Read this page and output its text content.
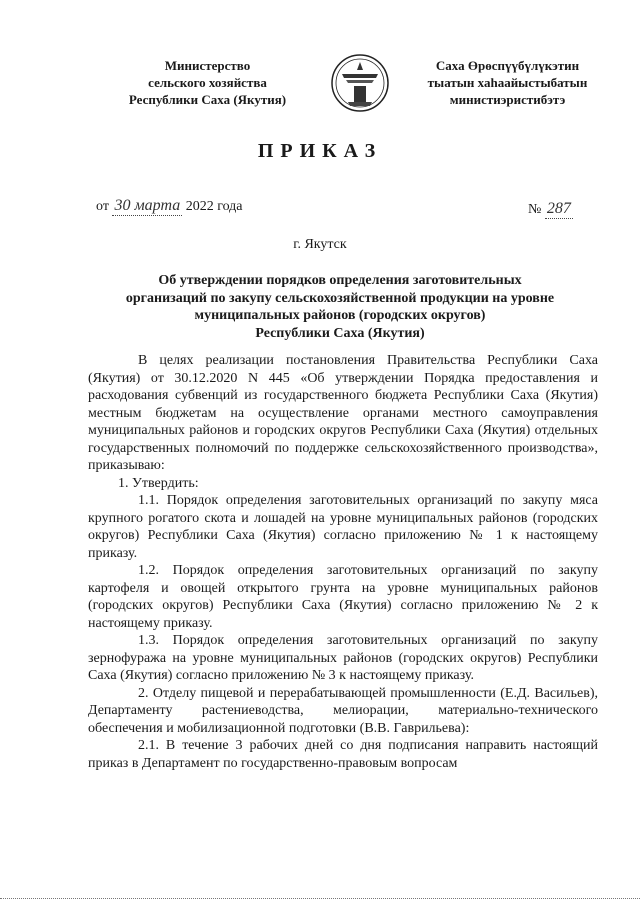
Министерство
сельского хозяйства
Республики Саха (Якутия)
Саха Өрөспүүбүлүкэтин
тыатын хаһаайыстыбатын
министиэристибэтэ
ПРИКАЗ
от 30 марта 2022 года	№ 287
г. Якутск
Об утверждении порядков определения заготовительных
организаций по закупу сельскохозяйственной продукции на уровне
муниципальных районов (городских округов)
Республики Саха (Якутия)

В целях реализации постановления Правительства Республики Саха (Якутия) от 30.12.2020 N 445 «Об утверждении Порядка предоставления и расходования субвенций из государственного бюджета Республики Саха (Якутия) местным бюджетам на осуществление органами местного самоуправления муниципальных районов и городских округов Республики Саха (Якутия) отдельных государственных полномочий по поддержке сельскохозяйственного производства», приказываю:

1. Утвердить:

1.1. Порядок определения заготовительных организаций по закупу мяса крупного рогатого скота и лошадей на уровне муниципальных районов (городских округов) Республики Саха (Якутия) согласно приложению № 1 к настоящему приказу.

1.2. Порядок определения заготовительных организаций по закупу картофеля и овощей открытого грунта на уровне муниципальных районов (городских округов) Республики Саха (Якутия) согласно приложению № 2 к настоящему приказу.

1.3. Порядок определения заготовительных организаций по закупу зернофуража на уровне муниципальных районов (городских округов) Республики Саха (Якутия) согласно приложению № 3 к настоящему приказу.

2. Отделу пищевой и перерабатывающей промышленности (Е.Д. Васильев), Департаменту растениеводства, мелиорации, материально-технического обеспечения и мобилизационной подготовки (В.В. Гаврильева):

2.1. В течение 3 рабочих дней со дня подписания направить настоящий приказ в Департамент по государственно-правовым вопросам
